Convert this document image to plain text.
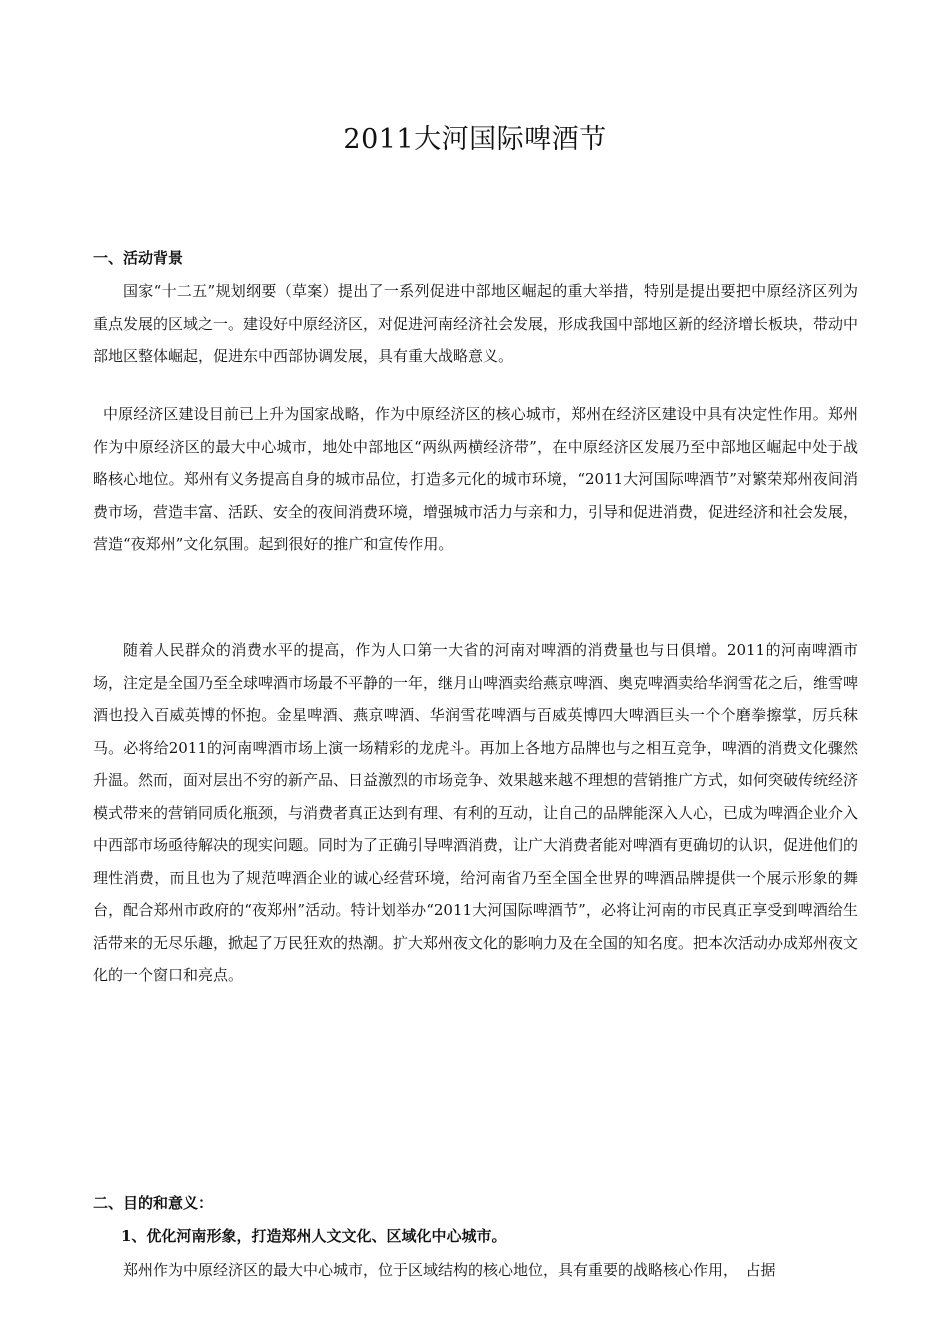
2011大河国际啤酒节
一、活动背景

国家“十二五”规划纲要（草案）提出了一系列促进中部地区崛起的重大举措，特别是提出要把中原经济区列为重点发展的区域之一。建设好中原经济区，对促进河南经济社会发展，形成我国中部地区新的经济增长板块，带动中部地区整体崛起，促进东中西部协调发展，具有重大战略意义。

中原经济区建设目前已上升为国家战略，作为中原经济区的核心城市，郑州在经济区建设中具有决定性作用。郑州作为中原经济区的最大中心城市，地处中部地区“两纵两横经济带”，在中原经济区发展乃至中部地区崛起中处于战略核心地位。郑州有义务提高自身的城市品位，打造多元化的城市环境，“2011大河国际啤酒节”对繁荣郑州夜间消费市场，营造丰富、活跃、安全的夜间消费环境，增强城市活力与亲和力，引导和促进消费，促进经济和社会发展，营造“夜郑州”文化氛围。起到很好的推广和宣传作用。

随着人民群众的消费水平的提高，作为人口第一大省的河南对啤酒的消费量也与日俱增。2011的河南啤酒市场，注定是全国乃至全球啤酒市场最不平静的一年，继月山啤酒卖给燕京啤酒、奥克啤酒卖给华润雪花之后，维雪啤酒也投入百威英博的怀抱。金星啤酒、燕京啤酒、华润雪花啤酒与百威英博四大啤酒巨头一个个磨拳擦掌，厉兵秣马。必将给2011的河南啤酒市场上演一场精彩的龙虎斗。再加上各地方品牌也与之相互竞争，啤酒的消费文化骤然升温。然而，面对层出不穷的新产品、日益激烈的市场竞争、效果越来越不理想的营销推广方式，如何突破传统经济模式带来的营销同质化瓶颈，与消费者真正达到有理、有利的互动，让自己的品牌能深入人心，已成为啤酒企业介入中西部市场亟待解决的现实问题。同时为了正确引导啤酒消费，让广大消费者能对啤酒有更确切的认识，促进他们的理性消费，而且也为了规范啤酒企业的诚心经营环境，给河南省乃至全国全世界的啤酒品牌提供一个展示形象的舞台，配合郑州市政府的“夜郑州”活动。特计划举办“2011大河国际啤酒节”，必将让河南的市民真正享受到啤酒给生活带来的无尽乐趣，掀起了万民狂欢的热潮。扩大郑州夜文化的影响力及在全国的知名度。把本次活动办成郑州夜文化的一个窗口和亮点。

二、目的和意义：
1、优化河南形象，打造郑州人文文化、区域化中心城市。

郑州作为中原经济区的最大中心城市，位于区域结构的核心地位，具有重要的战略核心作用，　占据
